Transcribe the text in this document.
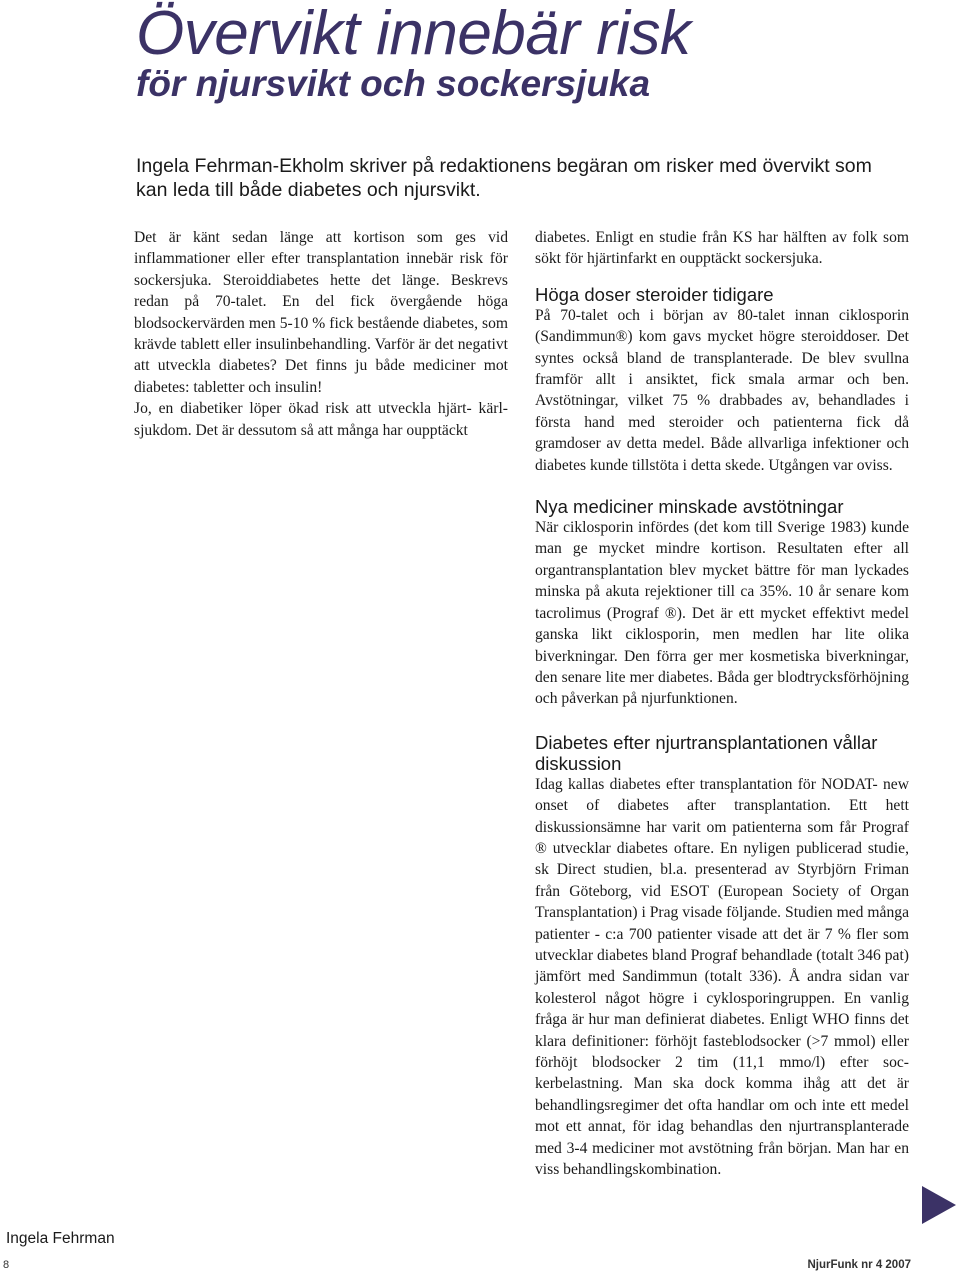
Övervikt innebär risk
för njursvikt och sockersjuka

Ingela Fehrman-Ekholm skriver på redaktionens begäran om risker med övervikt som kan leda till både diabetes och njursvikt.

Det är känt sedan länge att kortison som ges vid inflammationer eller efter transplantation innebär risk för sockersjuka. Steroiddiabetes hette det länge. Beskrevs redan på 70-talet. En del fick övergående höga blodsockervärden men 5-10 % fick bestående diabetes, som krävde tablett eller insulinbehandling. Varför är det negativt att utveckla diabetes? Det finns ju både mediciner mot diabetes: tabletter och insulin!

Jo, en diabetiker löper ökad risk att utveckla hjärt- kärlsjukdom. Det är dessutom så att många har oupptäckt

diabetes. Enligt en studie från KS har hälften av folk som sökt för hjärtinfarkt en oupptäckt sockersjuka.

Höga doser steroider tidigare

På 70-talet och i början av 80-talet innan ciklosporin (Sandimmun®) kom gavs mycket högre steroiddoser. Det syntes också bland de transplanterade. De blev svullna framför allt i ansiktet, fick smala armar och ben. Avstötningar, vilket 75 % drabbades av, behandlades i första hand med steroider och patienterna fick då gramdoser av detta medel. Både allvarliga infektioner och diabetes kunde tillstöta i detta skede. Utgången var oviss.

Nya mediciner minskade avstötningar

När ciklosporin infördes (det kom till Sverige 1983) kunde man ge mycket mindre kortison. Resultaten efter all organtransplantation blev mycket bättre för man lyckades minska på akuta rejektioner till ca 35%. 10 år senare kom tacrolimus (Prograf ®). Det är ett mycket effektivt medel ganska likt ciklosporin, men medlen har lite olika biverkningar. Den förra ger mer kosmetiska biverkningar, den senare lite mer diabetes. Båda ger blodtrycksförhöjning och påverkan på njurfunktionen.

Diabetes efter njurtransplantationen vållar diskussion

Idag kallas diabetes efter transplantation för NODAT- new onset of diabetes after transplantation. Ett hett diskussionsämne har varit om patienterna som får Prograf ® utvecklar diabetes oftare. En nyligen publicerad studie, sk Direct studien, bl.a. presenterad av Styrbjörn Friman från Göteborg, vid ESOT (European Society of Organ Transplantation) i Prag visade följande. Studien med många patienter - c:a 700 patienter visade att det är 7 % fler som utvecklar diabetes bland Prograf behandlade (totalt 346 pat) jämfört med Sandimmun (totalt 336). Å andra sidan var kolesterol något högre i cyklosporingruppen. En vanlig fråga är hur man definierat diabetes. Enligt WHO finns det klara definitioner: förhöjt fasteblodsocker (>7 mmol) eller förhöjt blodsocker 2 tim (11,1 mmo/l) efter sockerbelastning. Man ska dock komma ihåg att det är behandlingsregimer det ofta handlar om och inte ett medel mot ett annat, för idag behandlas den njurtransplanterade med 3-4 mediciner mot avstötning från början. Man har en viss behandlingskombination.

Ingela Fehrman
8	NjurFunk nr 4 2007
